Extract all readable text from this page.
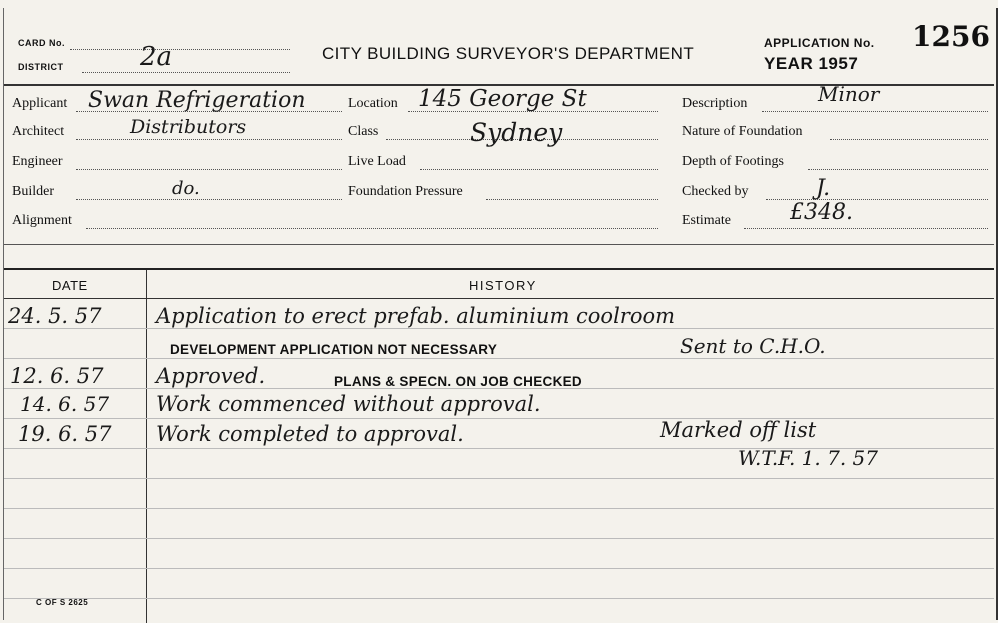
CARD No.
DISTRICT	2a	CITY BUILDING SURVEYOR'S DEPARTMENT
APPLICATION No. 1256
YEAR 1957
Applicant Swan Refrigeration
Architect	Distributors
Engineer
Builder	do.
Alignment
Location 145 George St
Class	Sydney
Live Load
Foundation Pressure
Description	Minor
Nature of Foundation
Depth of Footings
Checked by	J.
Estimate	£348.
DATE	HISTORY
24. 5. 57	Application to erect prefab. aluminium coolroom
DEVELOPMENT APPLICATION NOT NECESSARY	Sent to C.H.O.
12. 6. 57 Approved.	PLANS & SPECN. ON JOB CHECKED
14. 6. 57 Work commenced without approval.
19. 6. 57 Work completed to approval.	Marked off list
W.T.F. 1. 7. 57
C OF S 2625
